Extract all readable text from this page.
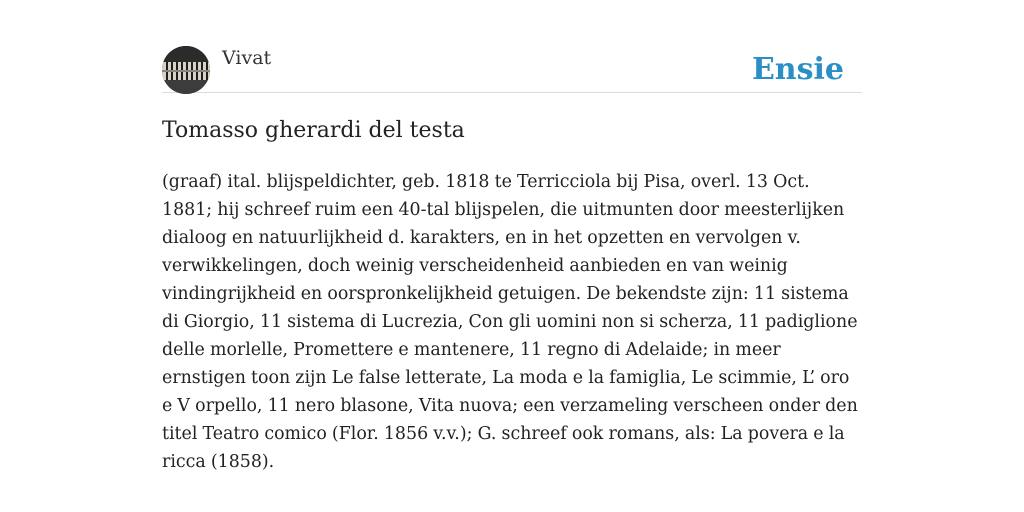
Vivat	Ensie
Tomasso gherardi del testa

(graaf) ital. blijspeldichter, geb. 1818 te Terricciola bij Pisa, overl. 13 Oct. 1881; hij schreef ruim een 40-tal blijspelen, die uitmunten door meesterlijken dialoog en natuurlijkheid d. karakters, en in het opzetten en vervolgen v. verwikkelingen, doch weinig verscheidenheid aanbieden en van weinig vindingrijkheid en oorspronkelijkheid getuigen. De bekendste zijn: 11 sistema di Giorgio, 11 sistema di Lucrezia, Con gli uomini non si scherza, 11 padiglione delle morlelle, Promettere e mantenere, 11 regno di Adelaide; in meer ernstigen toon zijn Le false letterate, La moda e la famiglia, Le scimmie, L’ oro e V orpello, 11 nero blasone, Vita nuova; een verzameling verscheen onder den titel Teatro comico (Flor. 1856 v.v.); G. schreef ook romans, als: La povera e la ricca (1858).
